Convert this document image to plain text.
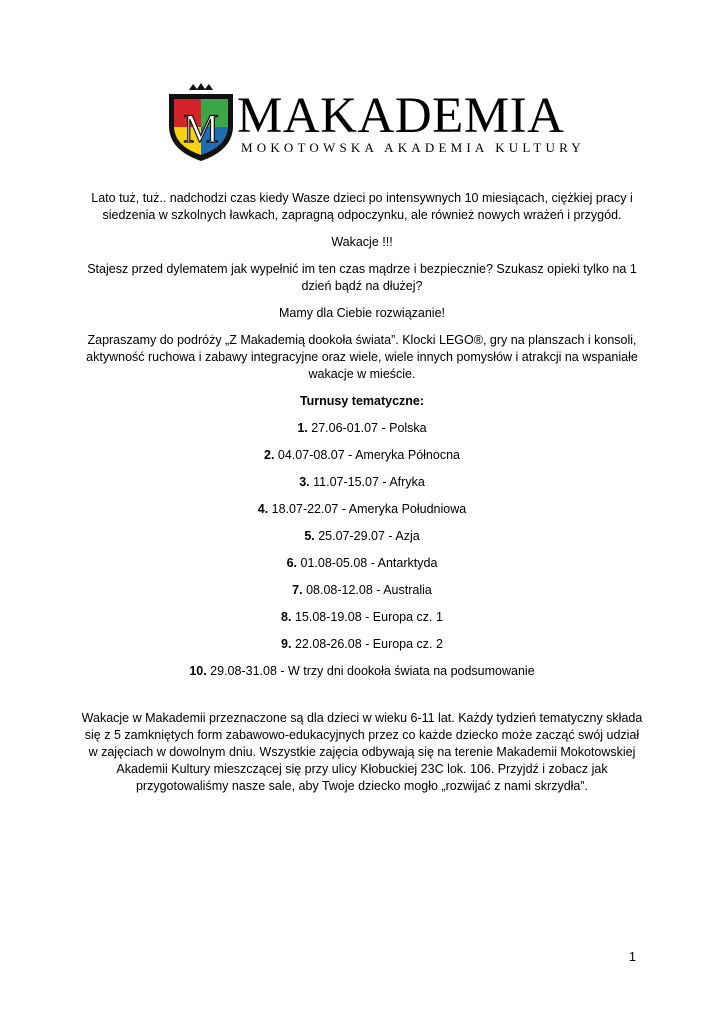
M MAKADEMIA
MOKOTOWSKA AKADEMIA KULTURY

Lato tuż, tuż.. nadchodzi czas kiedy Wasze dzieci po intensywnych 10 miesiącach, ciężkiej pracy i siedzenia w szkolnych ławkach, zapragną odpoczynku, ale również nowych wrażeń i przygód.

Wakacje !!!

Stajesz przed dylematem jak wypełnić im ten czas mądrze i bezpiecznie? Szukasz opieki tylko na 1 dzień bądź na dłużej?

Mamy dla Ciebie rozwiązanie!

Zapraszamy do podróży „Z Makademią dookoła świata”. Klocki LEGO®, gry na planszach i konsoli, aktywność ruchowa i zabawy integracyjne oraz wiele, wiele innych pomysłów i atrakcji na wspaniałe wakacje w mieście.

Turnusy tematyczne:

1. 27.06-01.07 - Polska

2. 04.07-08.07 - Ameryka Północna

3. 11.07-15.07 - Afryka

4. 18.07-22.07 - Ameryka Południowa

5. 25.07-29.07 - Azja

6. 01.08-05.08 - Antarktyda

7. 08.08-12.08 - Australia

8. 15.08-19.08 - Europa cz. 1

9. 22.08-26.08 - Europa cz. 2

10. 29.08-31.08 - W trzy dni dookoła świata na podsumowanie

Wakacje w Makademii przeznaczone są dla dzieci w wieku 6-11 lat. Każdy tydzień tematyczny składa się z 5 zamkniętych form zabawowo-edukacyjnych przez co każde dziecko może zacząć swój udział w zajęciach w dowolnym dniu. Wszystkie zajęcia odbywają się na terenie Makademii Mokotowskiej Akademii Kultury mieszczącej się przy ulicy Kłobuckiej 23C lok. 106. Przyjdź i zobacz jak przygotowaliśmy nasze sale, aby Twoje dziecko mogło „rozwijać z nami skrzydła”.

1
